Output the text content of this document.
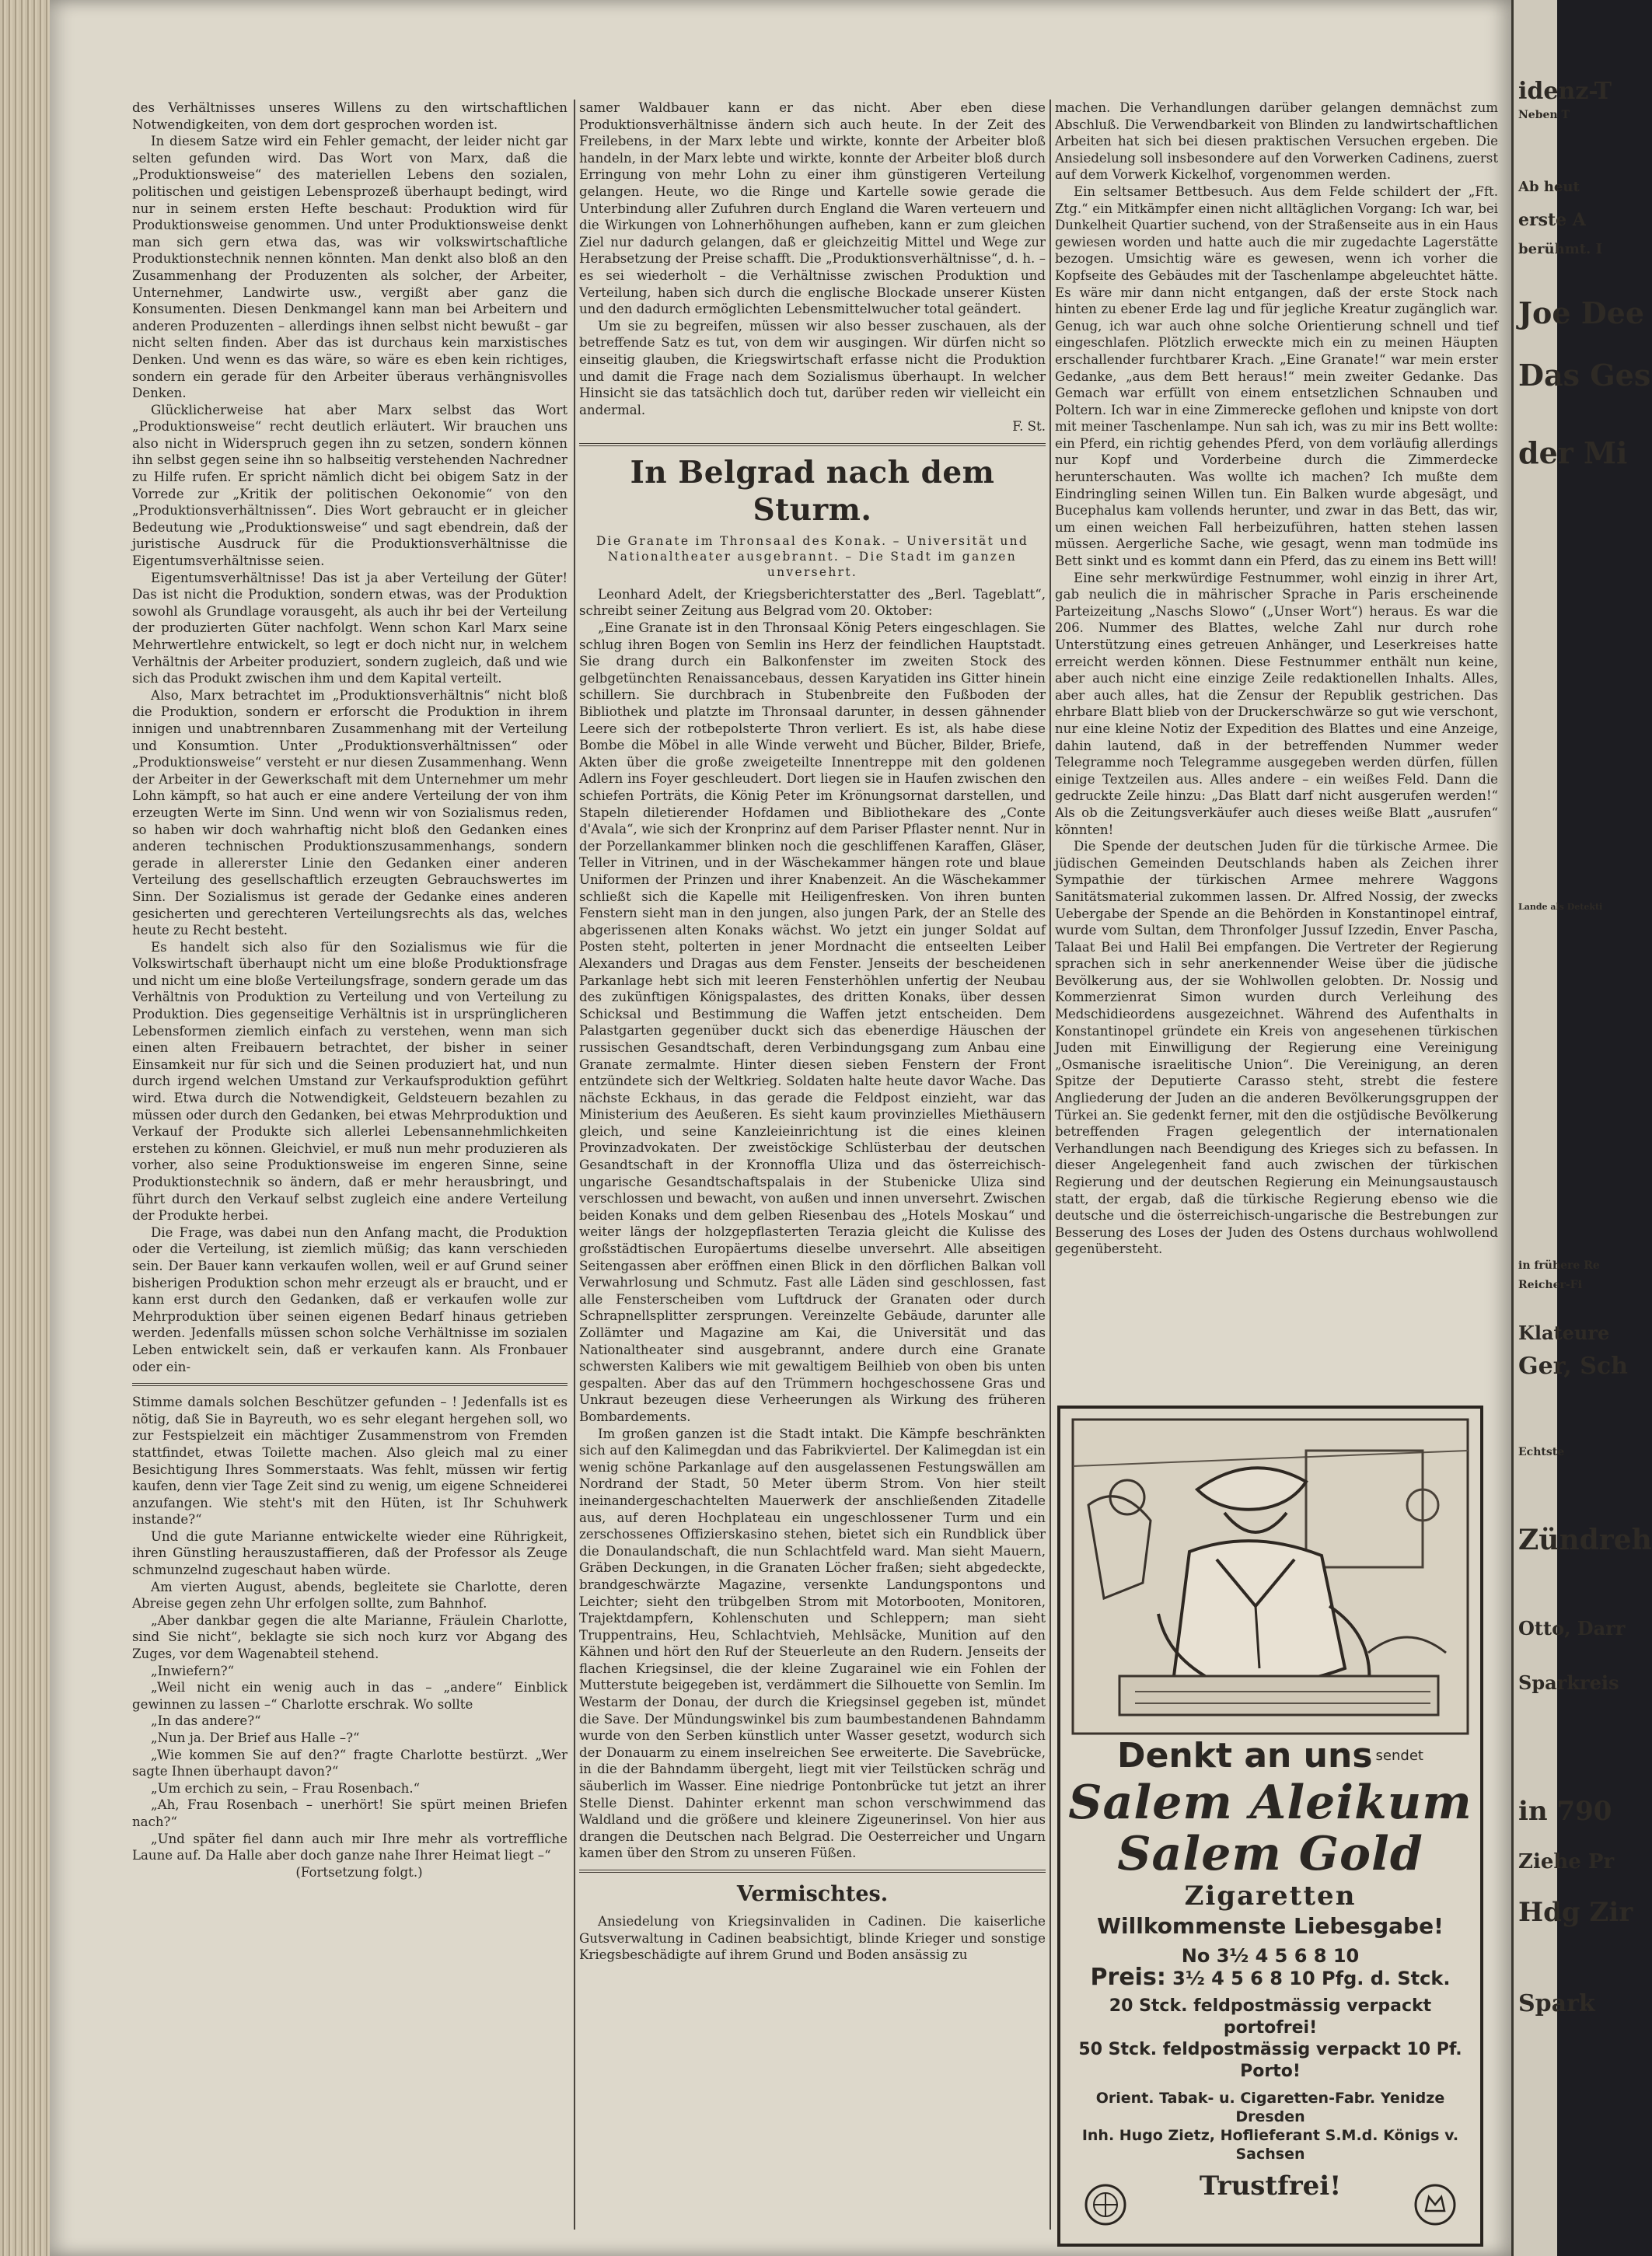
des Verhältnisses unseres Willens zu den wirtschaftlichen Notwendigkeiten, von dem dort gesprochen worden ist.

In diesem Satze wird ein Fehler gemacht, der leider nicht gar selten gefunden wird. Das Wort von Marx, daß die „Produktionsweise“ des materiellen Lebens den sozialen, politischen und geistigen Lebensprozeß überhaupt bedingt, wird nur in seinem ersten Hefte beschaut: Produktion wird für Produktionsweise genommen. Und unter Produktionsweise denkt man sich gern etwa das, was wir volkswirtschaftliche Produktionstechnik nennen könnten. Man denkt also bloß an den Zusammenhang der Produzenten als solcher, der Arbeiter, Unternehmer, Landwirte usw., vergißt aber ganz die Konsumenten. Diesen Denkmangel kann man bei Arbeitern und anderen Produzenten – allerdings ihnen selbst nicht bewußt – gar nicht selten finden. Aber das ist durchaus kein marxistisches Denken. Und wenn es das wäre, so wäre es eben kein richtiges, sondern ein gerade für den Arbeiter überaus verhängnisvolles Denken.

Glücklicherweise hat aber Marx selbst das Wort „Produktionsweise“ recht deutlich erläutert. Wir brauchen uns also nicht in Widerspruch gegen ihn zu setzen, sondern können ihn selbst gegen seine ihn so halbseitig verstehenden Nachredner zu Hilfe rufen. Er spricht nämlich dicht bei obigem Satz in der Vorrede zur „Kritik der politischen Oekonomie“ von den „Produktionsverhältnissen“. Dies Wort gebraucht er in gleicher Bedeutung wie „Produktionsweise“ und sagt ebendrein, daß der juristische Ausdruck für die Produktionsverhältnisse die Eigentumsverhältnisse seien.

Eigentumsverhältnisse! Das ist ja aber Verteilung der Güter! Das ist nicht die Produktion, sondern etwas, was der Produktion sowohl als Grundlage vorausgeht, als auch ihr bei der Verteilung der produzierten Güter nachfolgt. Wenn schon Karl Marx seine Mehrwertlehre entwickelt, so legt er doch nicht nur, in welchem Verhältnis der Arbeiter produziert, sondern zugleich, daß und wie sich das Produkt zwischen ihm und dem Kapital verteilt.

Also, Marx betrachtet im „Produktionsverhältnis“ nicht bloß die Produktion, sondern er erforscht die Produktion in ihrem innigen und unabtrennbaren Zusammenhang mit der Verteilung und Konsumtion. Unter „Produktionsverhältnissen“ oder „Produktionsweise“ versteht er nur diesen Zusammenhang. Wenn der Arbeiter in der Gewerkschaft mit dem Unternehmer um mehr Lohn kämpft, so hat auch er eine andere Verteilung der von ihm erzeugten Werte im Sinn. Und wenn wir von Sozialismus reden, so haben wir doch wahrhaftig nicht bloß den Gedanken eines anderen technischen Produktionszusammenhangs, sondern gerade in allererster Linie den Gedanken einer anderen Verteilung des gesellschaftlich erzeugten Gebrauchswertes im Sinn. Der Sozialismus ist gerade der Gedanke eines anderen gesicherten und gerechteren Verteilungsrechts als das, welches heute zu Recht besteht.

Es handelt sich also für den Sozialismus wie für die Volkswirtschaft überhaupt nicht um eine bloße Produktionsfrage und nicht um eine bloße Verteilungsfrage, sondern gerade um das Verhältnis von Produktion zu Verteilung und von Verteilung zu Produktion. Dies gegenseitige Verhältnis ist in ursprünglicheren Lebensformen ziemlich einfach zu verstehen, wenn man sich einen alten Freibauern betrachtet, der bisher in seiner Einsamkeit nur für sich und die Seinen produziert hat, und nun durch irgend welchen Umstand zur Verkaufsproduktion geführt wird. Etwa durch die Notwendigkeit, Geldsteuern bezahlen zu müssen oder durch den Gedanken, bei etwas Mehrproduktion und Verkauf der Produkte sich allerlei Lebensannehmlichkeiten erstehen zu können. Gleichviel, er muß nun mehr produzieren als vorher, also seine Produktionsweise im engeren Sinne, seine Produktionstechnik so ändern, daß er mehr herausbringt, und führt durch den Verkauf selbst zugleich eine andere Verteilung der Produkte herbei.

Die Frage, was dabei nun den Anfang macht, die Produktion oder die Verteilung, ist ziemlich müßig; das kann verschieden sein. Der Bauer kann verkaufen wollen, weil er auf Grund seiner bisherigen Produktion schon mehr erzeugt als er braucht, und er kann erst durch den Gedanken, daß er verkaufen wolle zur Mehrproduktion über seinen eigenen Bedarf hinaus getrieben werden. Jedenfalls müssen schon solche Verhältnisse im sozialen Leben entwickelt sein, daß er verkaufen kann. Als Fronbauer oder ein-

Stimme damals solchen Beschützer gefunden – ! Jedenfalls ist es nötig, daß Sie in Bayreuth, wo es sehr elegant hergehen soll, wo zur Festspielzeit ein mächtiger Zusammenstrom von Fremden stattfindet, etwas Toilette machen. Also gleich mal zu einer Besichtigung Ihres Sommerstaats. Was fehlt, müssen wir fertig kaufen, denn vier Tage Zeit sind zu wenig, um eigene Schneiderei anzufangen. Wie steht's mit den Hüten, ist Ihr Schuhwerk instande?“

Und die gute Marianne entwickelte wieder eine Rührigkeit, ihren Günstling herauszustaffieren, daß der Professor als Zeuge schmunzelnd zugeschaut haben würde.

Am vierten August, abends, begleitete sie Charlotte, deren Abreise gegen zehn Uhr erfolgen sollte, zum Bahnhof.

„Aber dankbar gegen die alte Marianne, Fräulein Charlotte, sind Sie nicht“, beklagte sie sich noch kurz vor Abgang des Zuges, vor dem Wagenabteil stehend.

„Inwiefern?“

„Weil nicht ein wenig auch in das – „andere“ Einblick gewinnen zu lassen –“ Charlotte erschrak. Wo sollte

„In das andere?“

„Nun ja. Der Brief aus Halle –?“

„Wie kommen Sie auf den?“ fragte Charlotte bestürzt. „Wer sagte Ihnen überhaupt davon?“

„Um erchich zu sein, – Frau Rosenbach.“

„Ah, Frau Rosenbach – unerhört! Sie spürt meinen Briefen nach?“

„Und später fiel dann auch mir Ihre mehr als vortreffliche Laune auf. Da Halle aber doch ganze nahe Ihrer Heimat liegt –“

(Fortsetzung folgt.)

samer Waldbauer kann er das nicht. Aber eben diese Produktionsverhältnisse ändern sich auch heute. In der Zeit des Freilebens, in der Marx lebte und wirkte, konnte der Arbeiter bloß handeln, in der Marx lebte und wirkte, konnte der Arbeiter bloß durch Erringung von mehr Lohn zu einer ihm günstigeren Verteilung gelangen. Heute, wo die Ringe und Kartelle sowie gerade die Unterbindung aller Zufuhren durch England die Waren verteuern und die Wirkungen von Lohnerhöhungen aufheben, kann er zum gleichen Ziel nur dadurch gelangen, daß er gleichzeitig Mittel und Wege zur Herabsetzung der Preise schafft. Die „Produktionsverhältnisse“, d. h. – es sei wiederholt – die Verhältnisse zwischen Produktion und Verteilung, haben sich durch die englische Blockade unserer Küsten und den dadurch ermöglichten Lebensmittelwucher total geändert.

Um sie zu begreifen, müssen wir also besser zuschauen, als der betreffende Satz es tut, von dem wir ausgingen. Wir dürfen nicht so einseitig glauben, die Kriegswirtschaft erfasse nicht die Produktion und damit die Frage nach dem Sozialismus überhaupt. In welcher Hinsicht sie das tatsächlich doch tut, darüber reden wir vielleicht ein andermal.

F. St.

In Belgrad nach dem Sturm.
Die Granate im Thronsaal des Konak. – Universität und Nationaltheater ausgebrannt. – Die Stadt im ganzen unversehrt.

Leonhard Adelt, der Kriegsberichterstatter des „Berl. Tageblatt“, schreibt seiner Zeitung aus Belgrad vom 20. Oktober:

„Eine Granate ist in den Thronsaal König Peters eingeschlagen. Sie schlug ihren Bogen von Semlin ins Herz der feindlichen Hauptstadt. Sie drang durch ein Balkonfenster im zweiten Stock des gelbgetünchten Renaissancebaus, dessen Karyatiden ins Gitter hinein schillern. Sie durchbrach in Stubenbreite den Fußboden der Bibliothek und platzte im Thronsaal darunter, in dessen gähnender Leere sich der rotbepolsterte Thron verliert. Es ist, als habe diese Bombe die Möbel in alle Winde verweht und Bücher, Bilder, Briefe, Akten über die große zweigeteilte Innentreppe mit den goldenen Adlern ins Foyer geschleudert. Dort liegen sie in Haufen zwischen den schiefen Porträts, die König Peter im Krönungsornat darstellen, und Stapeln diletierender Hofdamen und Bibliothekare des „Conte d'Avala“, wie sich der Kronprinz auf dem Pariser Pflaster nennt. Nur in der Porzellankammer blinken noch die geschliffenen Karaffen, Gläser, Teller in Vitrinen, und in der Wäschekammer hängen rote und blaue Uniformen der Prinzen und ihrer Knabenzeit. An die Wäschekammer schließt sich die Kapelle mit Heiligenfresken. Von ihren bunten Fenstern sieht man in den jungen, also jungen Park, der an Stelle des abgerissenen alten Konaks wächst. Wo jetzt ein junger Soldat auf Posten steht, polterten in jener Mordnacht die entseelten Leiber Alexanders und Dragas aus dem Fenster. Jenseits der bescheidenen Parkanlage hebt sich mit leeren Fensterhöhlen unfertig der Neubau des zukünftigen Königspalastes, des dritten Konaks, über dessen Schicksal und Bestimmung die Waffen jetzt entscheiden. Dem Palastgarten gegenüber duckt sich das ebenerdige Häuschen der russischen Gesandtschaft, deren Verbindungsgang zum Anbau eine Granate zermalmte. Hinter diesen sieben Fenstern der Front entzündete sich der Weltkrieg. Soldaten halte heute davor Wache. Das nächste Eckhaus, in das gerade die Feldpost einzieht, war das Ministerium des Aeußeren. Es sieht kaum provinzielles Miethäusern gleich, und seine Kanzleieinrichtung ist die eines kleinen Provinzadvokaten. Der zweistöckige Schlüsterbau der deutschen Gesandtschaft in der Kronnoffla Uliza und das österreichisch-ungarische Gesandtschaftspalais in der Stubenicke Uliza sind verschlossen und bewacht, von außen und innen unversehrt. Zwischen beiden Konaks und dem gelben Riesenbau des „Hotels Moskau“ und weiter längs der holzgepflasterten Terazia gleicht die Kulisse des großstädtischen Europäertums dieselbe unversehrt. Alle abseitigen Seitengassen aber eröffnen einen Blick in den dörflichen Balkan voll Verwahrlosung und Schmutz. Fast alle Läden sind geschlossen, fast alle Fensterscheiben vom Luftdruck der Granaten oder durch Schrapnellsplitter zersprungen. Vereinzelte Gebäude, darunter alle Zollämter und Magazine am Kai, die Universität und das Nationaltheater sind ausgebrannt, andere durch eine Granate schwersten Kalibers wie mit gewaltigem Beilhieb von oben bis unten gespalten. Aber das auf den Trümmern hochgeschossene Gras und Unkraut bezeugen diese Verheerungen als Wirkung des früheren Bombardements.

Im großen ganzen ist die Stadt intakt. Die Kämpfe beschränkten sich auf den Kalimegdan und das Fabrikviertel. Der Kalimegdan ist ein wenig schöne Parkanlage auf den ausgelassenen Festungswällen am Nordrand der Stadt, 50 Meter überm Strom. Von hier steilt ineinandergeschachtelten Mauerwerk der anschließenden Zitadelle aus, auf deren Hochplateau ein ungeschlossener Turm und ein zerschossenes Offizierskasino stehen, bietet sich ein Rundblick über die Donaulandschaft, die nun Schlachtfeld ward. Man sieht Mauern, Gräben Deckungen, in die Granaten Löcher fraßen; sieht abgedeckte, brandgeschwärzte Magazine, versenkte Landungspontons und Leichter; sieht den trübgelben Strom mit Motorbooten, Monitoren, Trajektdampfern, Kohlenschuten und Schleppern; man sieht Truppentrains, Heu, Schlachtvieh, Mehlsäcke, Munition auf den Kähnen und hört den Ruf der Steuerleute an den Rudern. Jenseits der flachen Kriegsinsel, die der kleine Zugarainel wie ein Fohlen der Mutterstute beigegeben ist, verdämmert die Silhouette von Semlin. Im Westarm der Donau, der durch die Kriegsinsel gegeben ist, mündet die Save. Der Mündungswinkel bis zum baumbestandenen Bahndamm wurde von den Serben künstlich unter Wasser gesetzt, wodurch sich der Donauarm zu einem inselreichen See erweiterte. Die Savebrücke, in die der Bahndamm übergeht, liegt mit vier Teilstücken schräg und säuberlich im Wasser. Eine niedrige Pontonbrücke tut jetzt an ihrer Stelle Dienst. Dahinter erkennt man schon verschwimmend das Waldland und die größere und kleinere Zigeunerinsel. Von hier aus drangen die Deutschen nach Belgrad. Die Oesterreicher und Ungarn kamen über den Strom zu unseren Füßen.

Vermischtes.

Ansiedelung von Kriegsinvaliden in Cadinen. Die kaiserliche Gutsverwaltung in Cadinen beabsichtigt, blinde Krieger und sonstige Kriegsbeschädigte auf ihrem Grund und Boden ansässig zu

machen. Die Verhandlungen darüber gelangen demnächst zum Abschluß. Die Verwendbarkeit von Blinden zu landwirtschaftlichen Arbeiten hat sich bei diesen praktischen Versuchen ergeben. Die Ansiedelung soll insbesondere auf den Vorwerken Cadinens, zuerst auf dem Vorwerk Kickelhof, vorgenommen werden.

Ein seltsamer Bettbesuch. Aus dem Felde schildert der „Fft. Ztg.“ ein Mitkämpfer einen nicht alltäglichen Vorgang: Ich war, bei Dunkelheit Quartier suchend, von der Straßenseite aus in ein Haus gewiesen worden und hatte auch die mir zugedachte Lagerstätte bezogen. Umsichtig wäre es gewesen, wenn ich vorher die Kopfseite des Gebäudes mit der Taschenlampe abgeleuchtet hätte. Es wäre mir dann nicht entgangen, daß der erste Stock nach hinten zu ebener Erde lag und für jegliche Kreatur zugänglich war. Genug, ich war auch ohne solche Orientierung schnell und tief eingeschlafen. Plötzlich erweckte mich ein zu meinen Häupten erschallender furchtbarer Krach. „Eine Granate!“ war mein erster Gedanke, „aus dem Bett heraus!“ mein zweiter Gedanke. Das Gemach war erfüllt von einem entsetzlichen Schnauben und Poltern. Ich war in eine Zimmerecke geflohen und knipste von dort mit meiner Taschenlampe. Nun sah ich, was zu mir ins Bett wollte: ein Pferd, ein richtig gehendes Pferd, von dem vorläufig allerdings nur Kopf und Vorderbeine durch die Zimmerdecke herunterschauten. Was wollte ich machen? Ich mußte dem Eindringling seinen Willen tun. Ein Balken wurde abgesägt, und Bucephalus kam vollends herunter, und zwar in das Bett, das wir, um einen weichen Fall herbeizuführen, hatten stehen lassen müssen. Aergerliche Sache, wie gesagt, wenn man todmüde ins Bett sinkt und es kommt dann ein Pferd, das zu einem ins Bett will!

Eine sehr merkwürdige Festnummer, wohl einzig in ihrer Art, gab neulich die in mährischer Sprache in Paris erscheinende Parteizeitung „Naschs Slowo“ („Unser Wort“) heraus. Es war die 206. Nummer des Blattes, welche Zahl nur durch rohe Unterstützung eines getreuen Anhänger, und Leserkreises hatte erreicht werden können. Diese Festnummer enthält nun keine, aber auch nicht eine einzige Zeile redaktionellen Inhalts. Alles, aber auch alles, hat die Zensur der Republik gestrichen. Das ehrbare Blatt blieb von der Druckerschwärze so gut wie verschont, nur eine kleine Notiz der Expedition des Blattes und eine Anzeige, dahin lautend, daß in der betreffenden Nummer weder Telegramme noch Telegramme ausgegeben werden dürfen, füllen einige Textzeilen aus. Alles andere – ein weißes Feld. Dann die gedruckte Zeile hinzu: „Das Blatt darf nicht ausgerufen werden!“ Als ob die Zeitungsverkäufer auch dieses weiße Blatt „ausrufen“ könnten!

Die Spende der deutschen Juden für die türkische Armee. Die jüdischen Gemeinden Deutschlands haben als Zeichen ihrer Sympathie der türkischen Armee mehrere Waggons Sanitätsmaterial zukommen lassen. Dr. Alfred Nossig, der zwecks Uebergabe der Spende an die Behörden in Konstantinopel eintraf, wurde vom Sultan, dem Thronfolger Jussuf Izzedin, Enver Pascha, Talaat Bei und Halil Bei empfangen. Die Vertreter der Regierung sprachen sich in sehr anerkennender Weise über die jüdische Bevölkerung aus, der sie Wohlwollen gelobten. Dr. Nossig und Kommerzienrat Simon wurden durch Verleihung des Medschidieordens ausgezeichnet. Während des Aufenthalts in Konstantinopel gründete ein Kreis von angesehenen türkischen Juden mit Einwilligung der Regierung eine Vereinigung „Osmanische israelitische Union“. Die Vereinigung, an deren Spitze der Deputierte Carasso steht, strebt die festere Angliederung der Juden an die anderen Bevölkerungsgruppen der Türkei an. Sie gedenkt ferner, mit den die ostjüdische Bevölkerung betreffenden Fragen gelegentlich der internationalen Verhandlungen nach Beendigung des Krieges sich zu befassen. In dieser Angelegenheit fand auch zwischen der türkischen Regierung und der deutschen Regierung ein Meinungsaustausch statt, der ergab, daß die türkische Regierung ebenso wie die deutsche und die österreichisch-ungarische die Bestrebungen zur Besserung des Loses der Juden des Ostens durchaus wohlwollend gegenübersteht.

Denkt an uns $^{sendet}$
Salem Aleikum
Salem Gold
Zigaretten
Willkommenste Liebesgabe!
No 3½ 4 5 6 8 10
Preis: 3½ 4 5 6 8 10 Pfg. d. Stck.
20 Stck. feldpostmässig verpackt portofrei!
50 Stck. feldpostmässig verpackt 10 Pf. Porto!
Orient. Tabak- u. Cigaretten-Fabr. Yenidze Dresden
Inh. Hugo Zietz, Hoflieferant S.M.d. Königs v. Sachsen
Trustfrei!
idenz-T
Neben T
Ab heut
erste A
berühmt. I
Joe Dee
Das Ges
der Mi
Lande als Detekti
in frühere Re
Reicher-Fi
Klateure
Ger, Sch
Echtste
Zündreh
Otto, Darr
Sparkreis
in 790
Ziehe Pr
Hdg Zir
Spark
